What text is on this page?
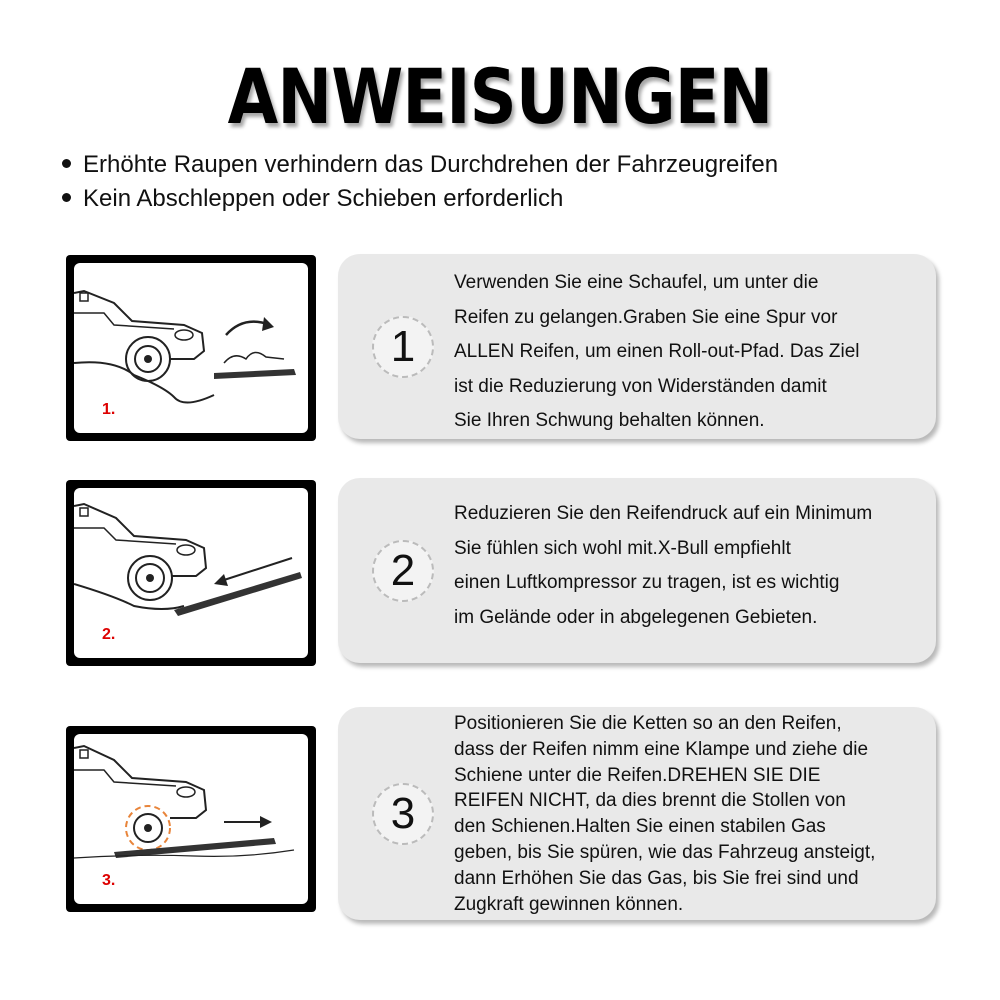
ANWEISUNGEN
Erhöhte Raupen verhindern das Durchdrehen der Fahrzeugreifen
Kein Abschleppen oder Schieben erforderlich
1.
1
Verwenden Sie eine Schaufel, um unter die
Reifen zu gelangen.Graben Sie eine Spur vor
ALLEN Reifen, um einen Roll-out-Pfad. Das Ziel
ist die Reduzierung von Widerständen damit
Sie Ihren Schwung behalten können.
2.
2
Reduzieren Sie den Reifendruck auf ein Minimum
Sie fühlen sich wohl mit.X-Bull empfiehlt
einen Luftkompressor zu tragen, ist es wichtig
im Gelände oder in abgelegenen Gebieten.
3.
3
Positionieren Sie die Ketten so an den Reifen,
dass der Reifen nimm eine Klampe und ziehe die
Schiene unter die Reifen.DREHEN SIE DIE
REIFEN NICHT, da dies brennt die Stollen von
den Schienen.Halten Sie einen stabilen Gas
geben, bis Sie spüren, wie das Fahrzeug ansteigt,
dann Erhöhen Sie das Gas, bis Sie frei sind und
Zugkraft gewinnen können.
